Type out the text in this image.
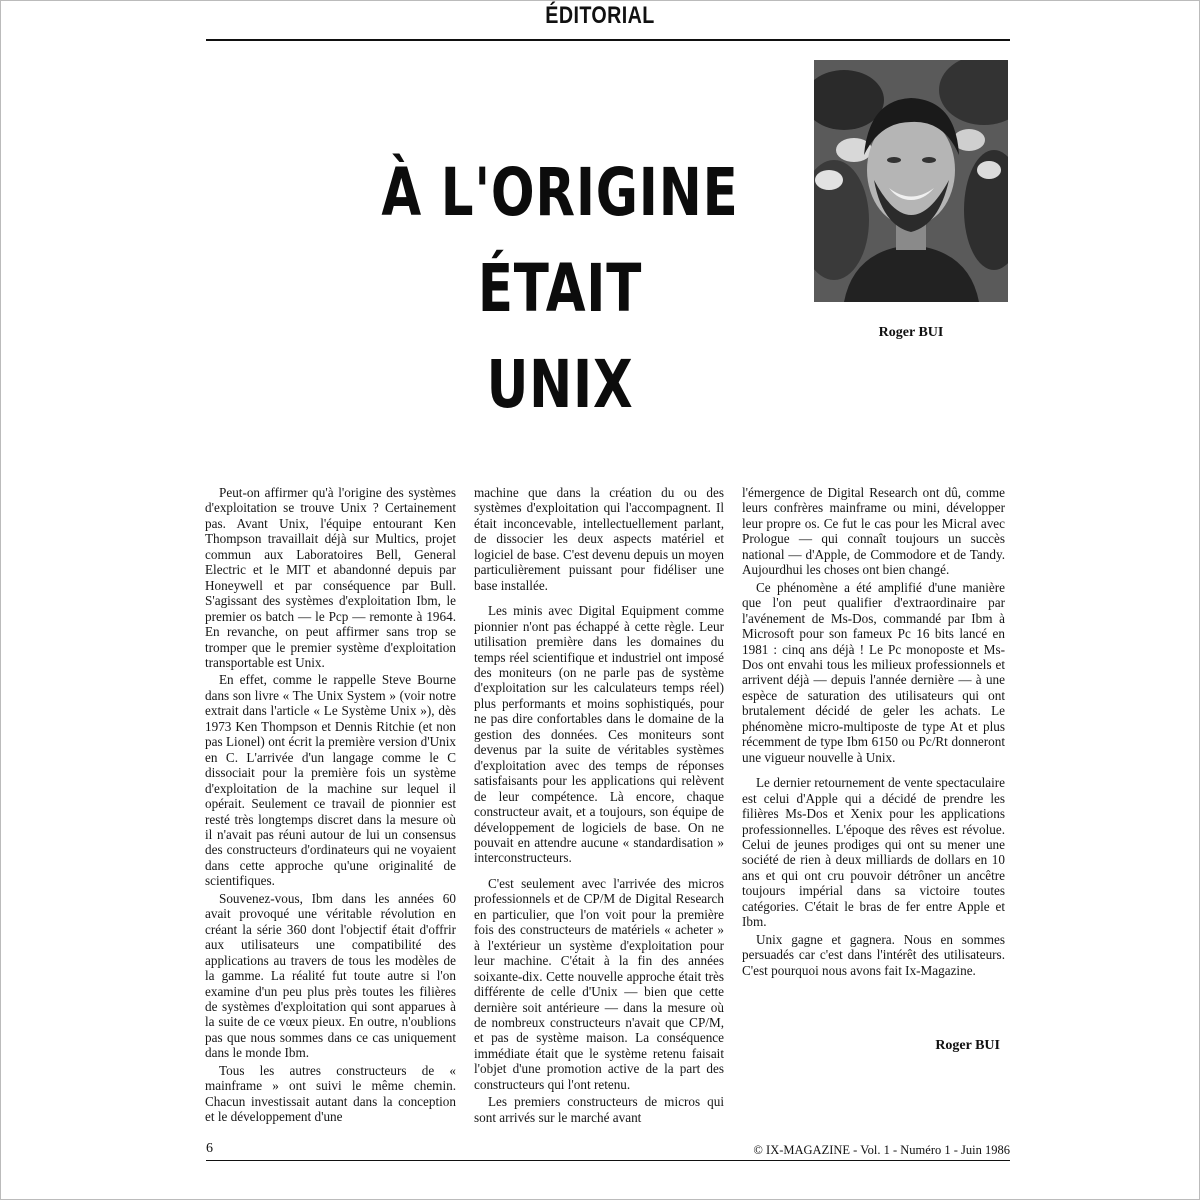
ÉDITORIAL
À L'ORIGINE
ÉTAIT
UNIX
Roger BUI

Peut-on affirmer qu'à l'origine des systèmes d'exploitation se trouve Unix ? Certainement pas. Avant Unix, l'équipe entourant Ken Thompson travaillait déjà sur Multics, projet commun aux Laboratoires Bell, General Electric et le MIT et abandonné depuis par Honeywell et par conséquence par Bull. S'agissant des systèmes d'exploitation Ibm, le premier os batch — le Pcp — remonte à 1964. En revanche, on peut affirmer sans trop se tromper que le premier système d'exploitation transportable est Unix.

En effet, comme le rappelle Steve Bourne dans son livre « The Unix System » (voir notre extrait dans l'article « Le Système Unix »), dès 1973 Ken Thompson et Dennis Ritchie (et non pas Lionel) ont écrit la première version d'Unix en C. L'arrivée d'un langage comme le C dissociait pour la première fois un système d'exploitation de la machine sur lequel il opérait. Seulement ce travail de pionnier est resté très longtemps discret dans la mesure où il n'avait pas réuni autour de lui un consensus des constructeurs d'ordinateurs qui ne voyaient dans cette approche qu'une originalité de scientifiques.

Souvenez-vous, Ibm dans les années 60 avait provoqué une véritable révolution en créant la série 360 dont l'objectif était d'offrir aux utilisateurs une compatibilité des applications au travers de tous les modèles de la gamme. La réalité fut toute autre si l'on examine d'un peu plus près toutes les filières de systèmes d'exploitation qui sont apparues à la suite de ce vœux pieux. En outre, n'oublions pas que nous sommes dans ce cas uniquement dans le monde Ibm.

Tous les autres constructeurs de « mainframe » ont suivi le même chemin. Chacun investissait autant dans la conception et le développement d'une

machine que dans la création du ou des systèmes d'exploitation qui l'accompagnent. Il était inconcevable, intellectuellement parlant, de dissocier les deux aspects matériel et logiciel de base. C'est devenu depuis un moyen particulièrement puissant pour fidéliser une base installée.

Les minis avec Digital Equipment comme pionnier n'ont pas échappé à cette règle. Leur utilisation première dans les domaines du temps réel scientifique et industriel ont imposé des moniteurs (on ne parle pas de système d'exploitation sur les calculateurs temps réel) plus performants et moins sophistiqués, pour ne pas dire confortables dans le domaine de la gestion des données. Ces moniteurs sont devenus par la suite de véritables systèmes d'exploitation avec des temps de réponses satisfaisants pour les applications qui relèvent de leur compétence. Là encore, chaque constructeur avait, et a toujours, son équipe de développement de logiciels de base. On ne pouvait en attendre aucune « standardisation » interconstructeurs.

C'est seulement avec l'arrivée des micros professionnels et de CP/M de Digital Research en particulier, que l'on voit pour la première fois des constructeurs de matériels « acheter » à l'extérieur un système d'exploitation pour leur machine. C'était à la fin des années soixante-dix. Cette nouvelle approche était très différente de celle d'Unix — bien que cette dernière soit antérieure — dans la mesure où de nombreux constructeurs n'avait que CP/M, et pas de système maison. La conséquence immédiate était que le système retenu faisait l'objet d'une promotion active de la part des constructeurs qui l'ont retenu.

Les premiers constructeurs de micros qui sont arrivés sur le marché avant

l'émergence de Digital Research ont dû, comme leurs confrères mainframe ou mini, développer leur propre os. Ce fut le cas pour les Micral avec Prologue — qui connaît toujours un succès national — d'Apple, de Commodore et de Tandy. Aujourdhui les choses ont bien changé.

Ce phénomène a été amplifié d'une manière que l'on peut qualifier d'extraordinaire par l'avénement de Ms-Dos, commandé par Ibm à Microsoft pour son fameux Pc 16 bits lancé en 1981 : cinq ans déjà ! Le Pc monoposte et Ms-Dos ont envahi tous les milieux professionnels et arrivent déjà — depuis l'année dernière — à une espèce de saturation des utilisateurs qui ont brutalement décidé de geler les achats. Le phénomène micro-multiposte de type At et plus récemment de type Ibm 6150 ou Pc/Rt donneront une vigueur nouvelle à Unix.

Le dernier retournement de vente spectaculaire est celui d'Apple qui a décidé de prendre les filières Ms-Dos et Xenix pour les applications professionnelles. L'époque des rêves est révolue. Celui de jeunes prodiges qui ont su mener une société de rien à deux milliards de dollars en 10 ans et qui ont cru pouvoir détrôner un ancêtre toujours impérial dans sa victoire toutes catégories. C'était le bras de fer entre Apple et Ibm.

Unix gagne et gagnera. Nous en sommes persuadés car c'est dans l'intérêt des utilisateurs. C'est pourquoi nous avons fait Ix-Magazine.

Roger BUI
6	© IX-MAGAZINE - Vol. 1 - Numéro 1 - Juin 1986
